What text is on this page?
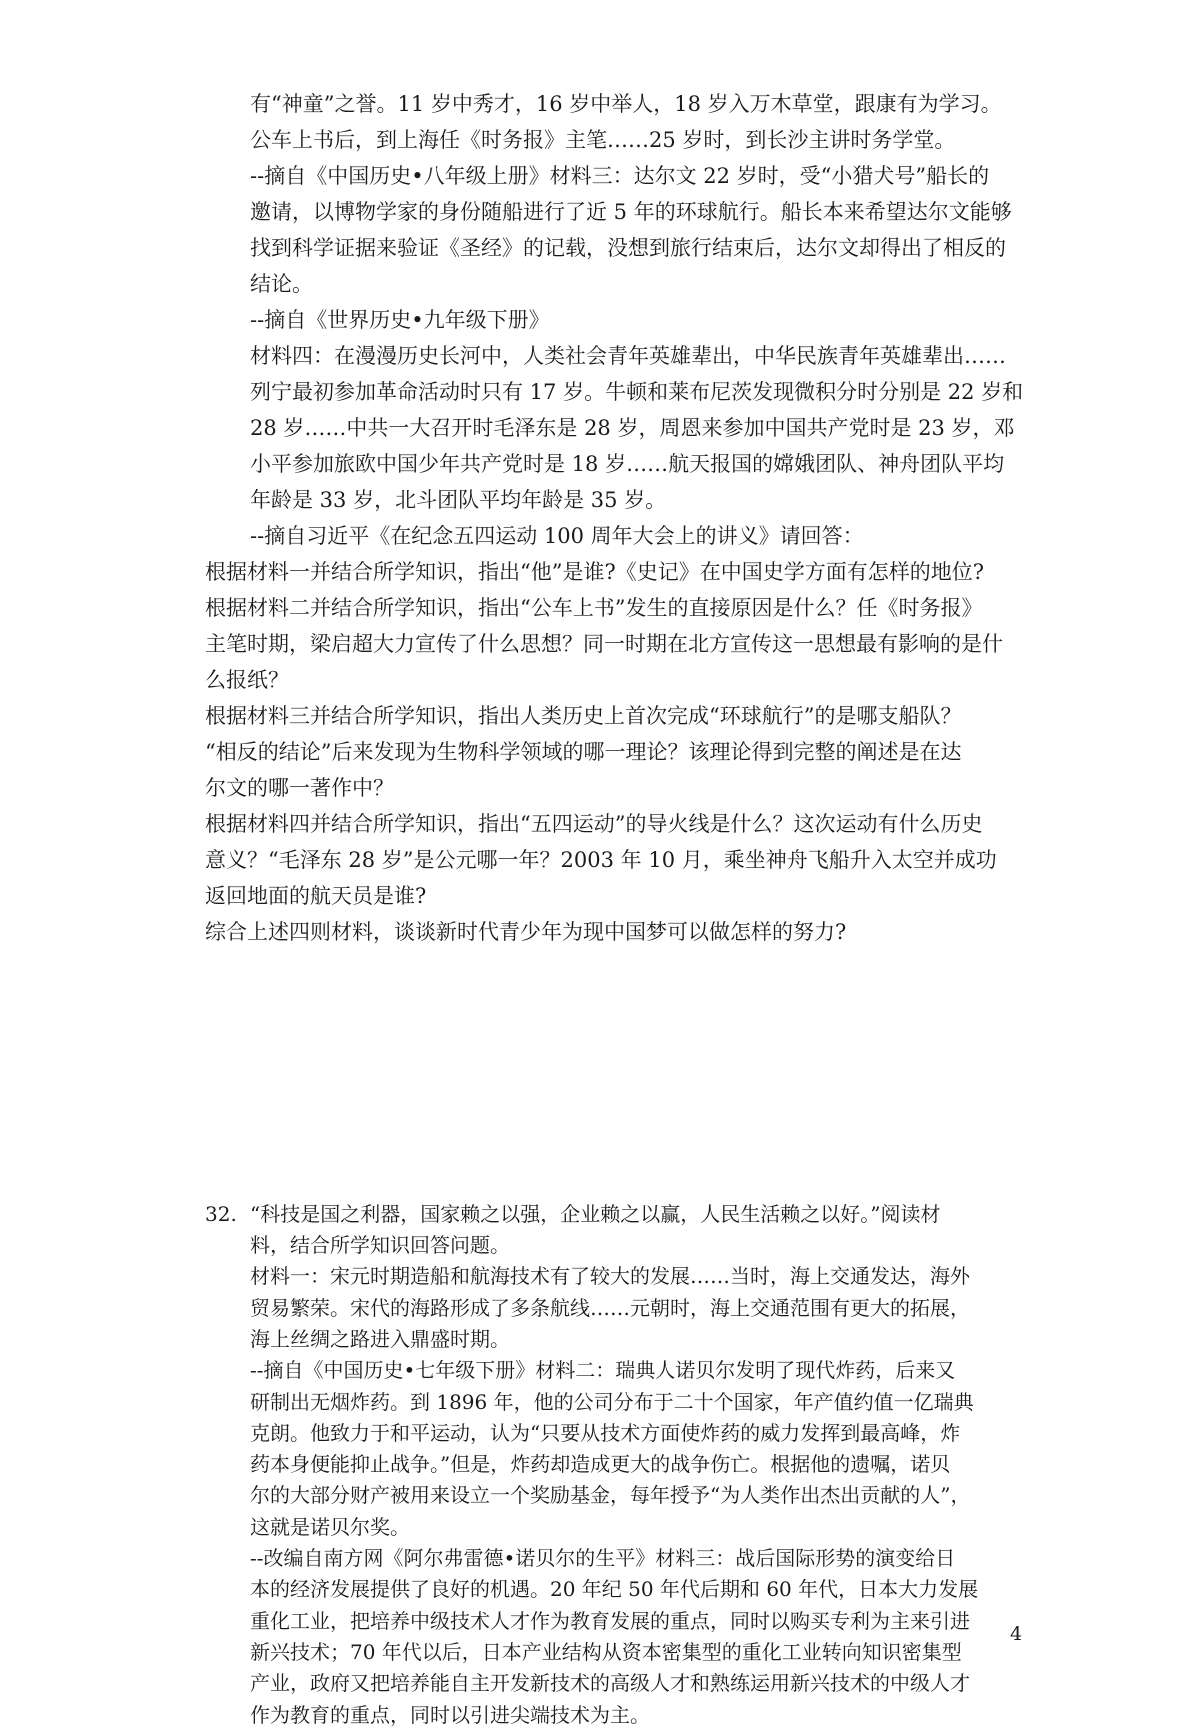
有“神童”之誉。11 岁中秀才，16 岁中举人，18 岁入万木草堂，跟康有为学习。
公车上书后，到上海任《时务报》主笔……25 岁时，到长沙主讲时务学堂。
--摘自《中国历史•八年级上册》材料三：达尔文 22 岁时，受“小猎犬号”船长的
邀请，以博物学家的身份随船进行了近 5 年的环球航行。船长本来希望达尔文能够
找到科学证据来验证《圣经》的记载，没想到旅行结束后，达尔文却得出了相反的
结论。
--摘自《世界历史•九年级下册》
材料四：在漫漫历史长河中，人类社会青年英雄辈出，中华民族青年英雄辈出……
列宁最初参加革命活动时只有 17 岁。牛顿和莱布尼茨发现微积分时分别是 22 岁和
28 岁……中共一大召开时毛泽东是 28 岁，周恩来参加中国共产党时是 23 岁，邓
小平参加旅欧中国少年共产党时是 18 岁……航天报国的嫦娥团队、神舟团队平均
年龄是 33 岁，北斗团队平均年龄是 35 岁。
--摘自习近平《在纪念五四运动 100 周年大会上的讲义》请回答：
根据材料一并结合所学知识，指出“他”是谁?《史记》在中国史学方面有怎样的地位?
根据材料二并结合所学知识，指出“公车上书”发生的直接原因是什么？任《时务报》
主笔时期，梁启超大力宣传了什么思想？同一时期在北方宣传这一思想最有影响的是什
么报纸？
根据材料三并结合所学知识，指出人类历史上首次完成“环球航行”的是哪支船队？
“相反的结论”后来发现为生物科学领域的哪一理论？该理论得到完整的阐述是在达
尔文的哪一著作中？
根据材料四并结合所学知识，指出“五四运动”的导火线是什么？这次运动有什么历史
意义？“毛泽东 28 岁”是公元哪一年？2003 年 10 月，乘坐神舟飞船升入太空并成功
返回地面的航天员是谁?
综合上述四则材料，谈谈新时代青少年为现中国梦可以做怎样的努力?
32. “科技是国之利器，国家赖之以强，企业赖之以赢，人民生活赖之以好。”阅读材
料，结合所学知识回答问题。
材料一：宋元时期造船和航海技术有了较大的发展……当时，海上交通发达，海外
贸易繁荣。宋代的海路形成了多条航线……元朝时，海上交通范围有更大的拓展，
海上丝绸之路进入鼎盛时期。
--摘自《中国历史•七年级下册》材料二：瑞典人诺贝尔发明了现代炸药，后来又
研制出无烟炸药。到 1896 年，他的公司分布于二十个国家，年产值约值一亿瑞典
克朗。他致力于和平运动，认为“只要从技术方面使炸药的威力发挥到最高峰，炸
药本身便能抑止战争。”但是，炸药却造成更大的战争伤亡。根据他的遗嘱，诺贝
尔的大部分财产被用来设立一个奖励基金，每年授予“为人类作出杰出贡献的人”，
这就是诺贝尔奖。
--改编自南方网《阿尔弗雷德•诺贝尔的生平》材料三：战后国际形势的演变给日
本的经济发展提供了良好的机遇。20 年纪 50 年代后期和 60 年代，日本大力发展
重化工业，把培养中级技术人才作为教育发展的重点，同时以购买专利为主来引进
新兴技术；70 年代以后，日本产业结构从资本密集型的重化工业转向知识密集型
产业，政府又把培养能自主开发新技术的高级人才和熟练运用新兴技术的中级人才
作为教育的重点，同时以引进尖端技术为主。
4
